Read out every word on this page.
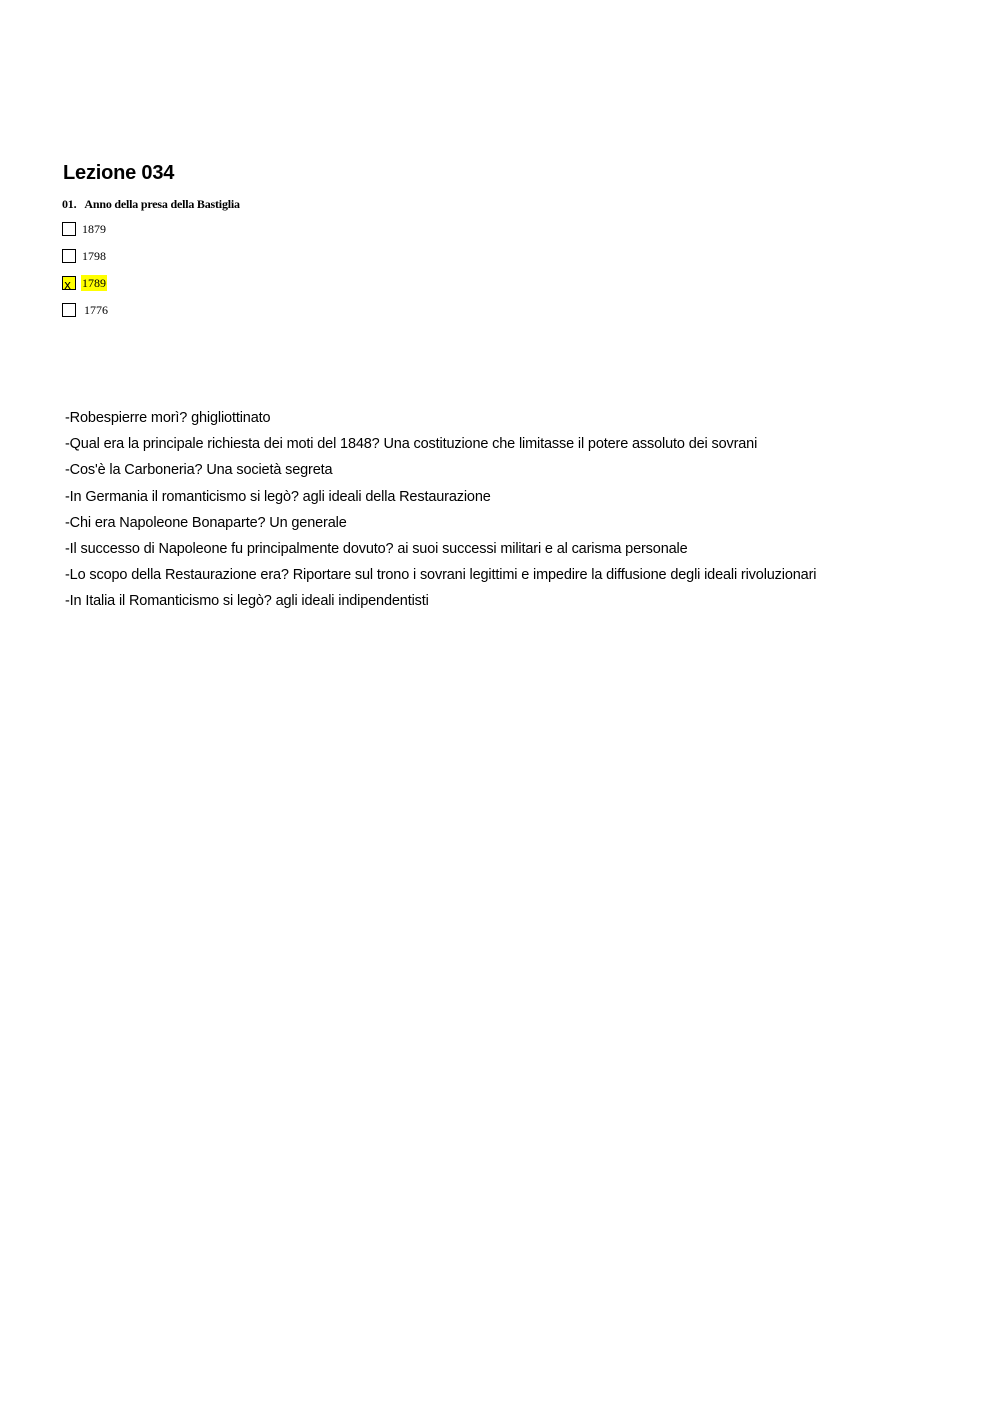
Lezione 034
01. Anno della presa della Bastiglia
1879
1798
x 1789
1776
-Robespierre morì? ghigliottinato
-Qual era la principale richiesta dei moti del 1848? Una costituzione che limitasse il potere assoluto dei sovrani
-Cos'è la Carboneria? Una società segreta
-In Germania il romanticismo si legò? agli ideali della Restaurazione
-Chi era Napoleone Bonaparte? Un generale
-Il successo di Napoleone fu principalmente dovuto? ai suoi successi militari e al carisma personale
-Lo scopo della Restaurazione era? Riportare sul trono i sovrani legittimi e impedire la diffusione degli ideali rivoluzionari
-In Italia il Romanticismo si legò? agli ideali indipendentisti
